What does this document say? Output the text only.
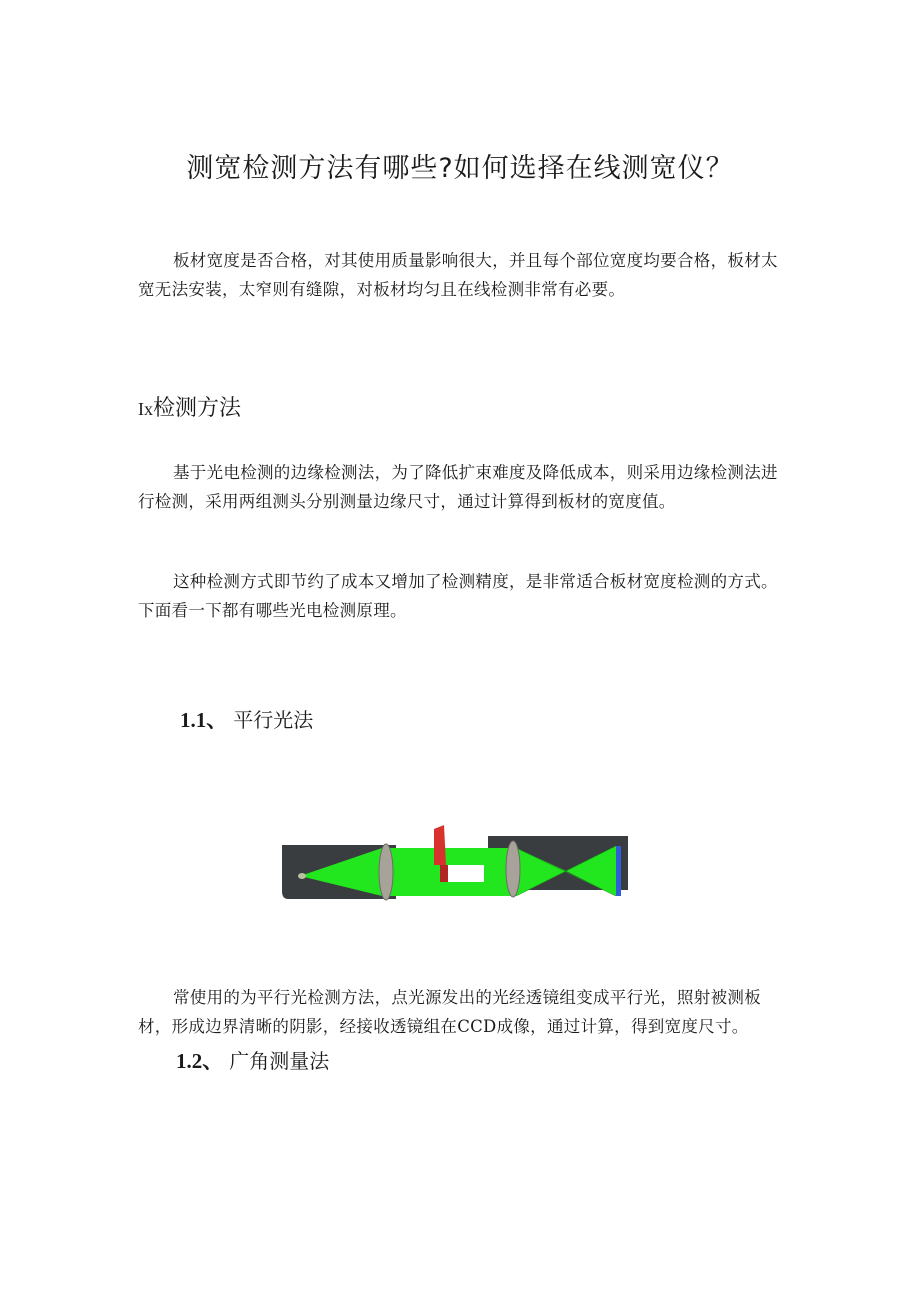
测宽检测方法有哪些?如何选择在线测宽仪？
板材宽度是否合格，对其使用质量影响很大，并且每个部位宽度均要合格，板材太宽无法安装，太窄则有缝隙，对板材均匀且在线检测非常有必要。
Ix检测方法
基于光电检测的边缘检测法，为了降低扩束难度及降低成本，则采用边缘检测法进行检测，采用两组测头分别测量边缘尺寸，通过计算得到板材的宽度值。
这种检测方式即节约了成本又增加了检测精度，是非常适合板材宽度检测的方式。下面看一下都有哪些光电检测原理。
1.1、 平行光法
常使用的为平行光检测方法，点光源发出的光经透镜组变成平行光，照射被测板材，形成边界清晰的阴影，经接收透镜组在CCD成像，通过计算，得到宽度尺寸。
1.2、 广角测量法
